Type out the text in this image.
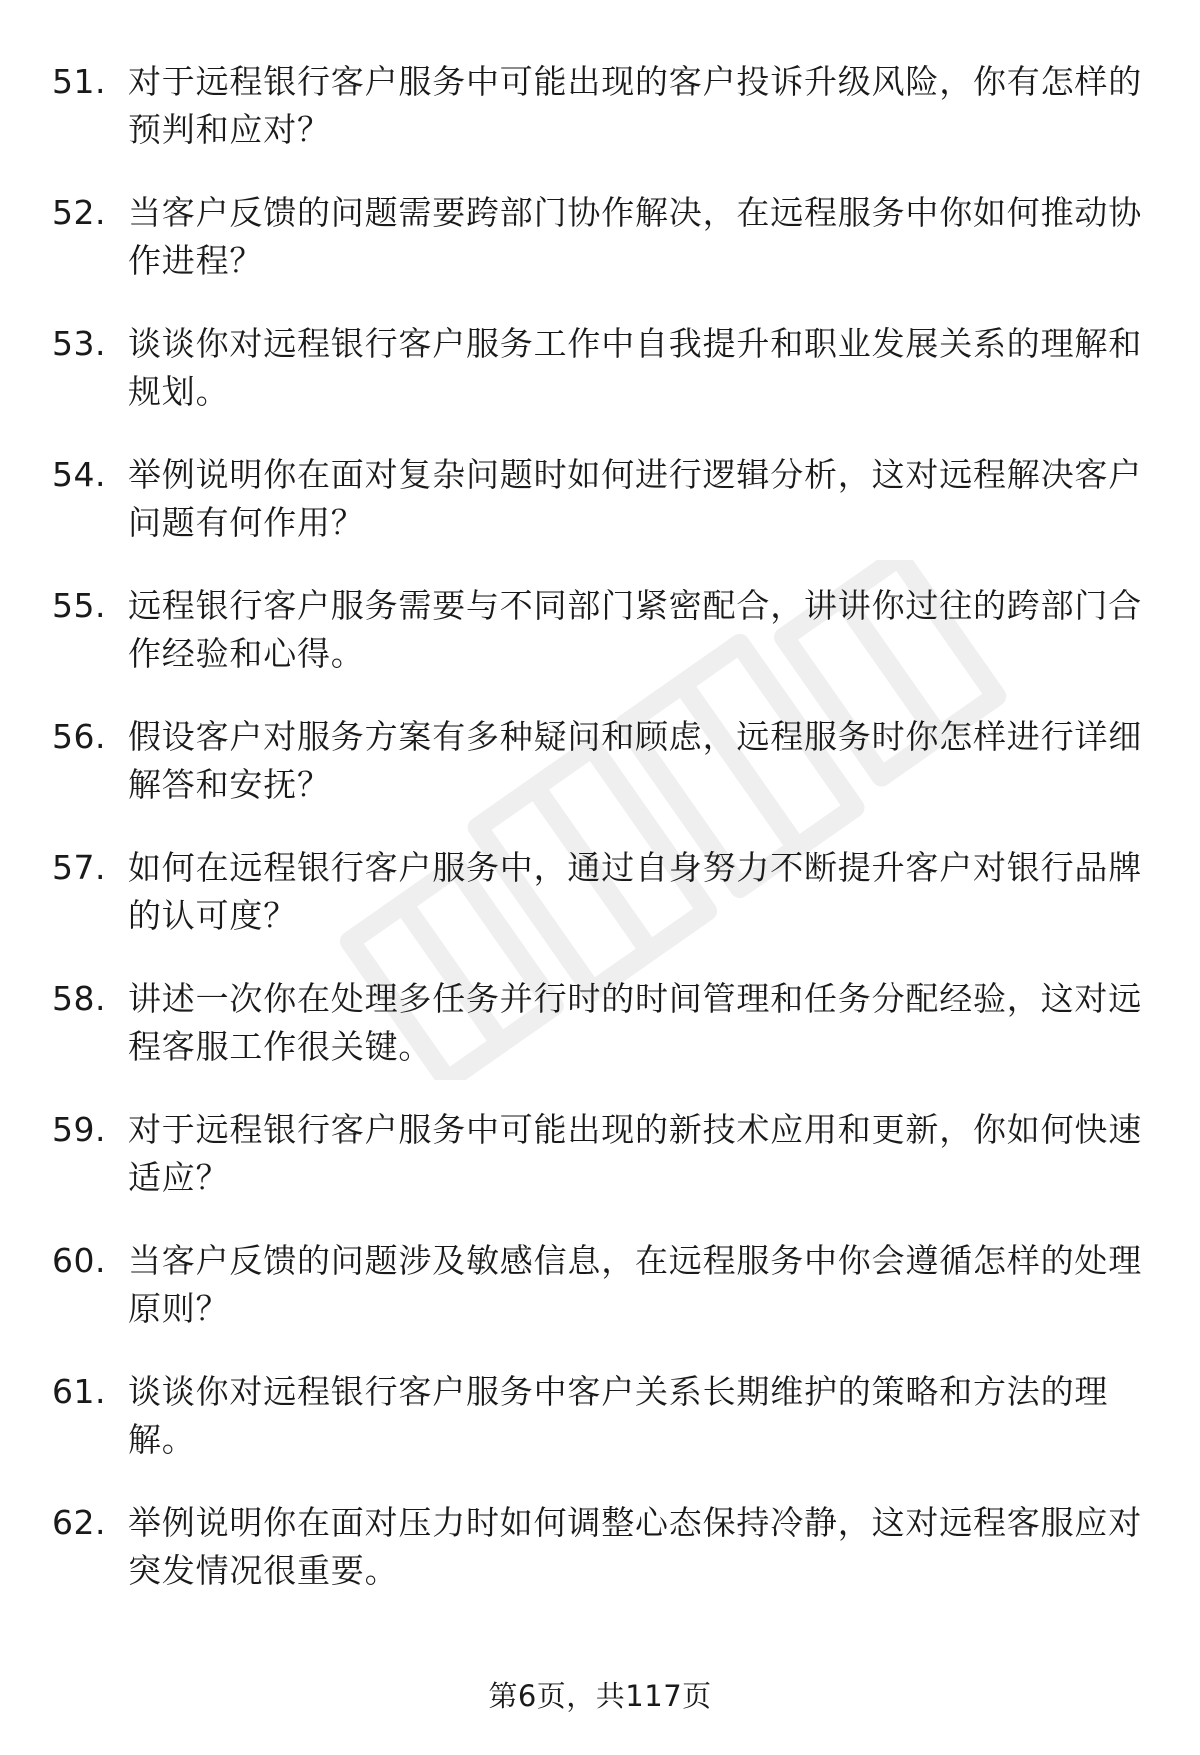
51. 对于远程银行客户服务中可能出现的客户投诉升级风险，你有怎样的预判和应对？
52. 当客户反馈的问题需要跨部门协作解决，在远程服务中你如何推动协作进程？
53. 谈谈你对远程银行客户服务工作中自我提升和职业发展关系的理解和规划。
54. 举例说明你在面对复杂问题时如何进行逻辑分析，这对远程解决客户问题有何作用？
55. 远程银行客户服务需要与不同部门紧密配合，讲讲你过往的跨部门合作经验和心得。
56. 假设客户对服务方案有多种疑问和顾虑，远程服务时你怎样进行详细解答和安抚？
57. 如何在远程银行客户服务中，通过自身努力不断提升客户对银行品牌的认可度？
58. 讲述一次你在处理多任务并行时的时间管理和任务分配经验，这对远程客服工作很关键。
59. 对于远程银行客户服务中可能出现的新技术应用和更新，你如何快速适应？
60. 当客户反馈的问题涉及敏感信息，在远程服务中你会遵循怎样的处理原则？
61. 谈谈你对远程银行客户服务中客户关系长期维护的策略和方法的理解。
62. 举例说明你在面对压力时如何调整心态保持冷静，这对远程客服应对突发情况很重要。
第6页，共117页
